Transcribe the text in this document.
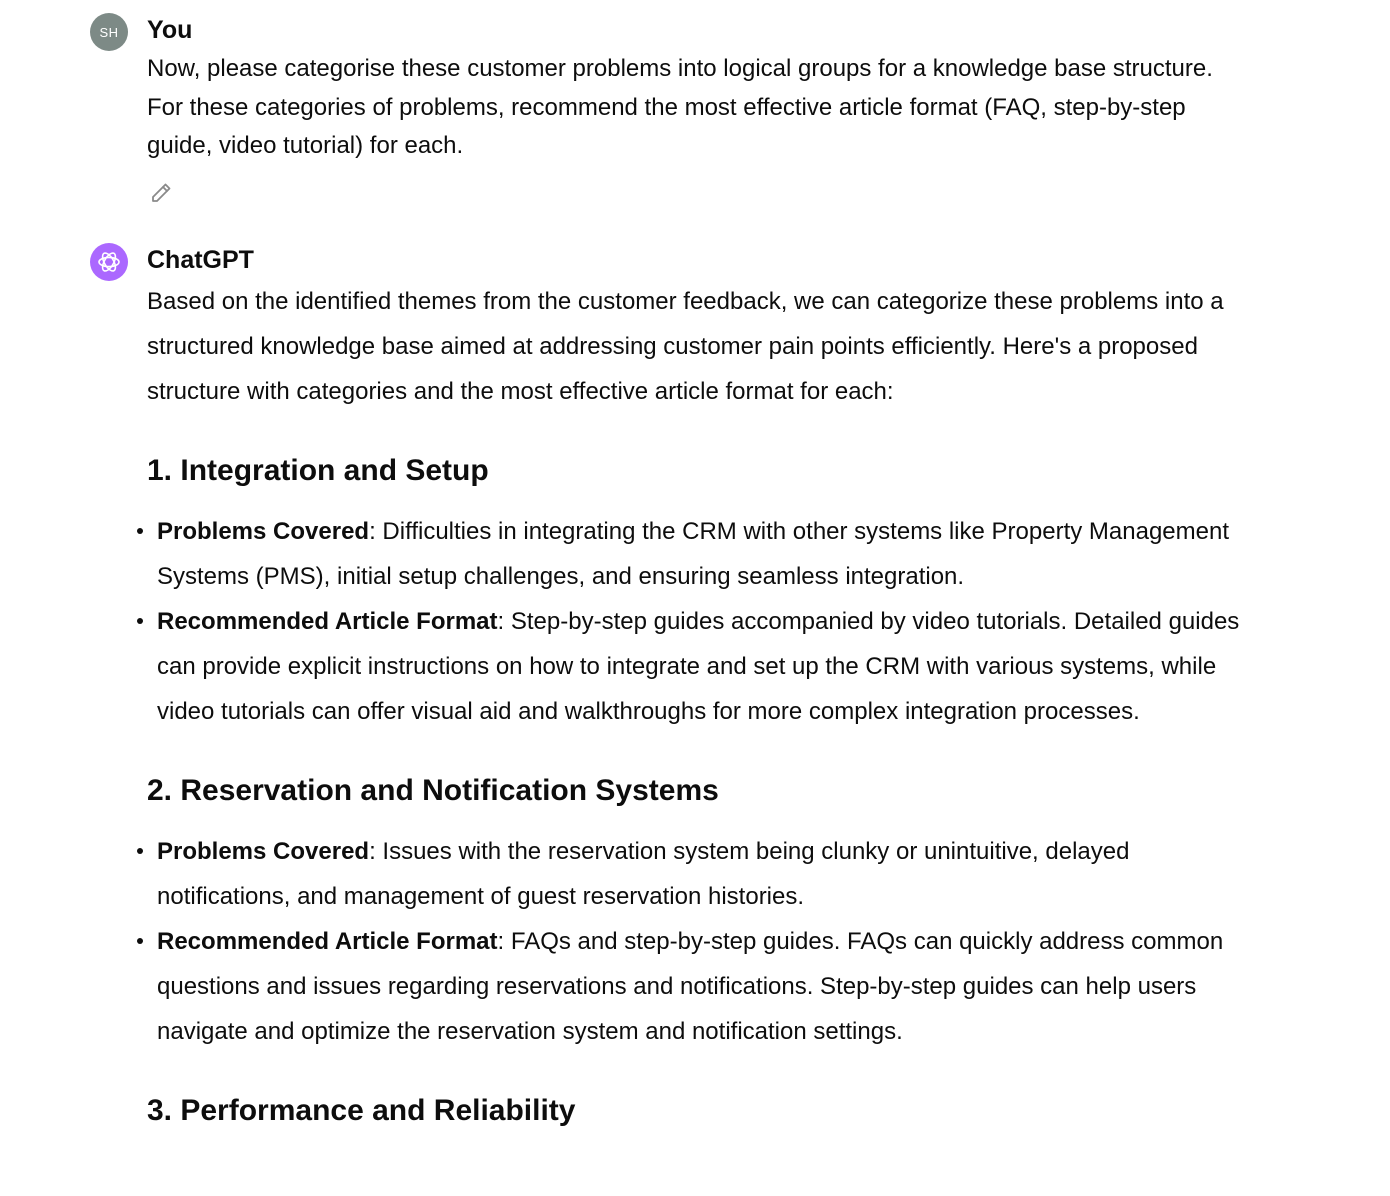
SH You
Now, please categorise these customer problems into logical groups for a knowledge base structure. For these categories of problems, recommend the most effective article format (FAQ, step-by-step guide, video tutorial) for each.
ChatGPT

Based on the identified themes from the customer feedback, we can categorize these problems into a structured knowledge base aimed at addressing customer pain points efficiently. Here's a proposed structure with categories and the most effective article format for each:

1. Integration and Setup
Problems Covered: Difficulties in integrating the CRM with other systems like Property Management Systems (PMS), initial setup challenges, and ensuring seamless integration.
Recommended Article Format: Step-by-step guides accompanied by video tutorials. Detailed guides can provide explicit instructions on how to integrate and set up the CRM with various systems, while video tutorials can offer visual aid and walkthroughs for more complex integration processes.
2. Reservation and Notification Systems
Problems Covered: Issues with the reservation system being clunky or unintuitive, delayed notifications, and management of guest reservation histories.
Recommended Article Format: FAQs and step-by-step guides. FAQs can quickly address common questions and issues regarding reservations and notifications. Step-by-step guides can help users navigate and optimize the reservation system and notification settings.
3. Performance and Reliability
